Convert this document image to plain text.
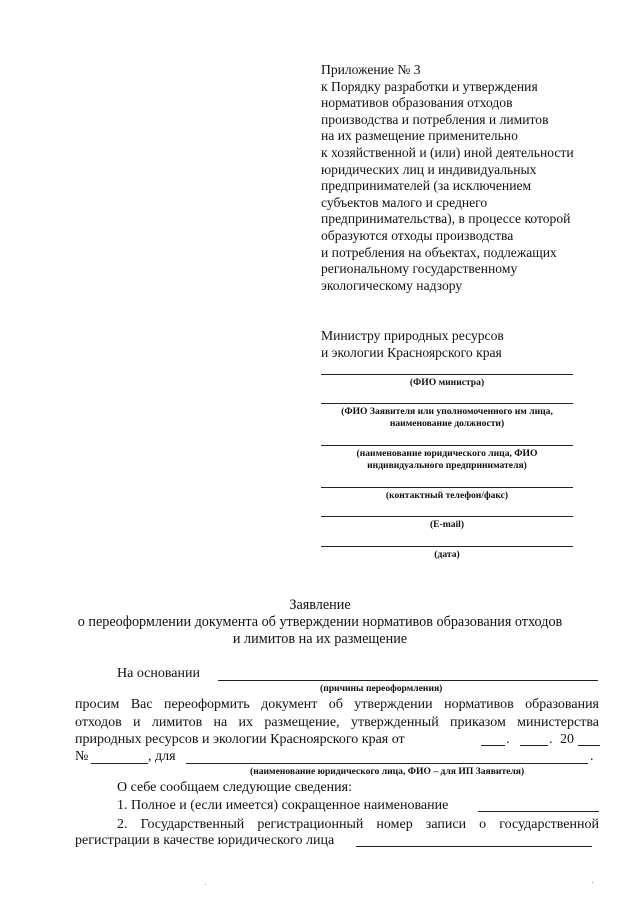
Приложение № 3
к Порядку разработки и утверждения
нормативов образования отходов
производства и потребления и лимитов
на их размещение применительно
к хозяйственной и (или) иной деятельности
юридических лиц и индивидуальных
предпринимателей (за исключением
субъектов малого и среднего
предпринимательства), в процессе которой
образуются отходы производства
и потребления на объектах, подлежащих
региональному государственному
экологическому надзору
Министру природных ресурсов
и экологии Красноярского края
(ФИО министра)
(ФИО Заявителя или уполномоченного им лица,
наименование должности)
(наименование юридического лица, ФИО
индивидуального предпринимателя)
(контактный телефон/факс)
(E-mail)
(дата)
Заявление
о переоформлении документа об утверждении нормативов образования отходов
и лимитов на их размещение
На основании
(причины переоформления)
просим Вас переоформить документ об утверждении нормативов образования
отходов и лимитов на их размещение, утвержденный приказом министерства
природных ресурсов и экологии Красноярского края от	.	. 20
№	, для	.
(наименование юридического лица, ФИО – для ИП Заявителя)
О себе сообщаем следующие сведения:
1. Полное и (если имеется) сокращенное наименование
2. Государственный регистрационный номер записи о государственной
регистрации в качестве юридического лица
